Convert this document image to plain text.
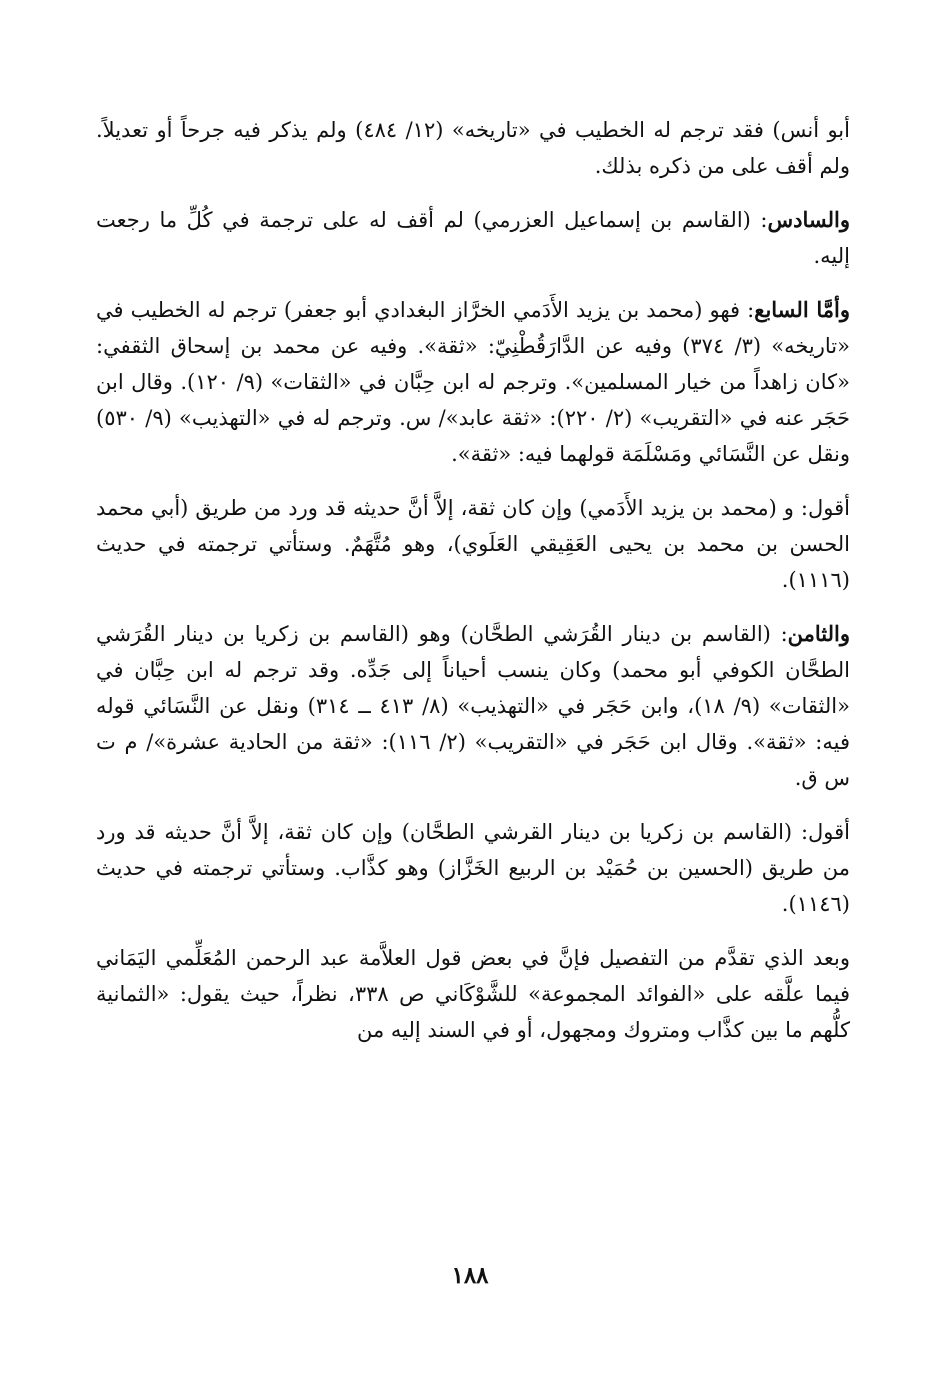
أبو أنس) فقد ترجم له الخطيب في «تاريخه» (١٢/ ٤٨٤) ولم يذكر فيه جرحاً أو تعديلاً. ولم أقف على من ذكره بذلك.

والسادس: (القاسم بن إسماعيل العزرمي) لم أقف له على ترجمة في كُلِّ ما رجعت إليه.

وأمَّا السابع: فهو (محمد بن يزيد الأَدَمي الخرَّاز البغدادي أبو جعفر) ترجم له الخطيب في «تاريخه» (٣/ ٣٧٤) وفيه عن الدَّارَقُطْنِيّ: «ثقة». وفيه عن محمد بن إسحاق الثقفي: «كان زاهداً من خيار المسلمين». وترجم له ابن حِبَّان في «الثقات» (٩/ ١٢٠). وقال ابن حَجَر عنه في «التقريب» (٢/ ٢٢٠): «ثقة عابد»/ س. وترجم له في «التهذيب» (٩/ ٥٣٠) ونقل عن النَّسَائي ومَسْلَمَة قولهما فيه: «ثقة».

أقول: و (محمد بن يزيد الأَدَمي) وإن كان ثقة، إلاَّ أنَّ حديثه قد ورد من طريق (أبي محمد الحسن بن محمد بن يحيى العَقِيقي العَلَوي)، وهو مُتَّهَمٌ. وستأتي ترجمته في حديث (١١١٦).

والثامن: (القاسم بن دينار القُرَشي الطحَّان) وهو (القاسم بن زكريا بن دينار القُرَشي الطحَّان الكوفي أبو محمد) وكان ينسب أحياناً إلى جَدِّه. وقد ترجم له ابن حِبَّان في «الثقات» (٩/ ١٨)، وابن حَجَر في «التهذيب» (٨/ ٤١٣ ــ ٣١٤) ونقل عن النَّسَائي قوله فيه: «ثقة». وقال ابن حَجَر في «التقريب» (٢/ ١١٦): «ثقة من الحادية عشرة»/ م ت س ق.

أقول: (القاسم بن زكريا بن دينار القرشي الطحَّان) وإن كان ثقة، إلاَّ أنَّ حديثه قد ورد من طريق (الحسين بن حُمَيْد بن الربيع الخَزَّاز) وهو كذَّاب. وستأتي ترجمته في حديث (١١٤٦).

وبعد الذي تقدَّم من التفصيل فإنَّ في بعض قول العلاَّمة عبد الرحمن المُعَلِّمي اليَمَاني فيما علَّقه على «الفوائد المجموعة» للشَّوْكَاني ص ٣٣٨، نظراً، حيث يقول: «الثمانية كلُّهم ما بين كذَّاب ومتروك ومجهول، أو في السند إليه من

١٨٨
